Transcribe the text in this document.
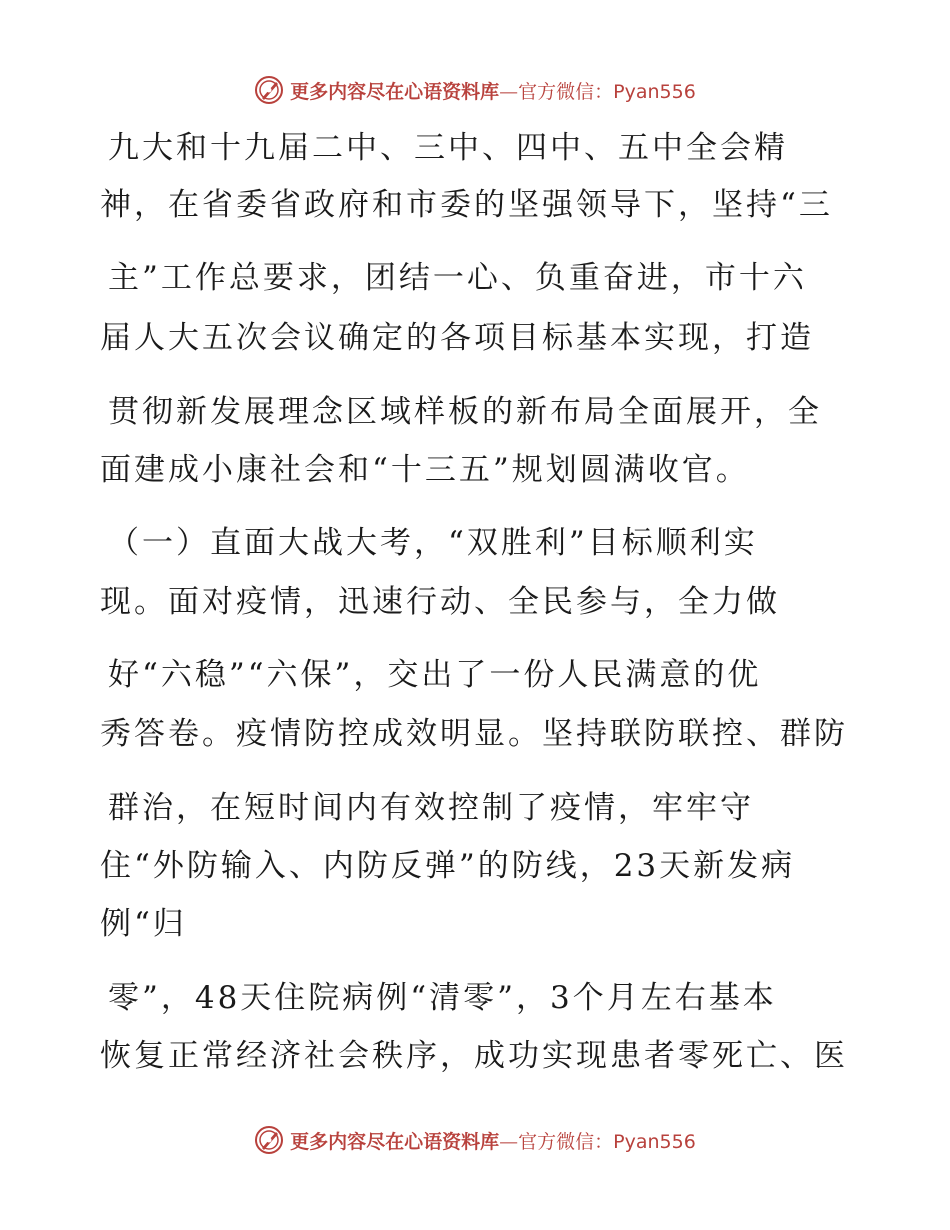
更多内容尽在心语资料库—官方微信：Pyan556
九大和十九届二中、三中、四中、五中全会精
神，在省委省政府和市委的坚强领导下，坚持“三
主”工作总要求，团结一心、负重奋进，市十六
届人大五次会议确定的各项目标基本实现，打造
贯彻新发展理念区域样板的新布局全面展开，全
面建成小康社会和“十三五”规划圆满收官。
（一）直面大战大考，“双胜利”目标顺利实
现。面对疫情，迅速行动、全民参与，全力做
好“六稳”“六保”，交出了一份人民满意的优
秀答卷。疫情防控成效明显。坚持联防联控、群防
群治，在短时间内有效控制了疫情，牢牢守
住“外防输入、内防反弹”的防线，23天新发病
例“归
零”，48天住院病例“清零”，3个月左右基本
恢复正常经济社会秩序，成功实现患者零死亡、医
更多内容尽在心语资料库—官方微信：Pyan556
